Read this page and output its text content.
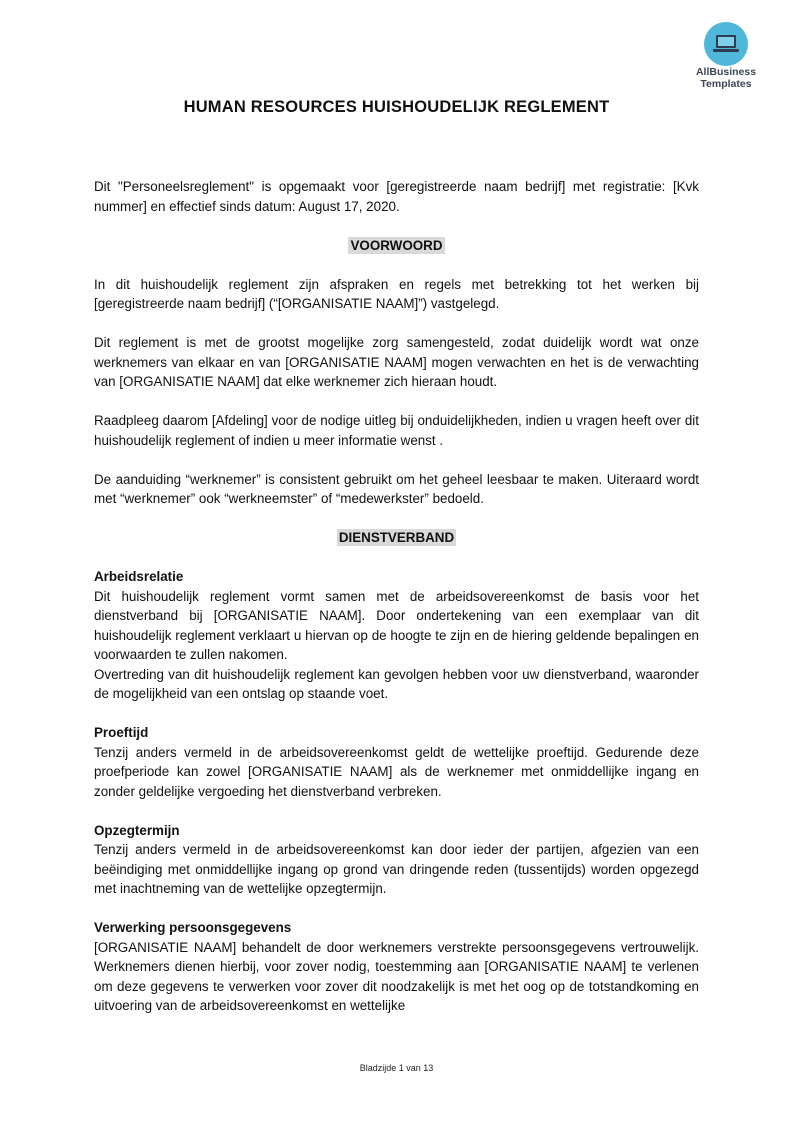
AllBusiness
Templates
HUMAN RESOURCES HUISHOUDELIJK REGLEMENT

Dit "Personeelsreglement" is opgemaakt voor [geregistreerde naam bedrijf] met registratie: [Kvk nummer] en effectief sinds datum: August 17, 2020.

VOORWOORD

In dit huishoudelijk reglement zijn afspraken en regels met betrekking tot het werken bij [geregistreerde naam bedrijf] (“[ORGANISATIE NAAM]”) vastgelegd.

Dit reglement is met de grootst mogelijke zorg samengesteld, zodat duidelijk wordt wat onze werknemers van elkaar en van [ORGANISATIE NAAM] mogen verwachten en het is de verwachting van [ORGANISATIE NAAM] dat elke werknemer zich hieraan houdt.

Raadpleeg daarom [Afdeling] voor de nodige uitleg bij onduidelijkheden, indien u vragen heeft over dit huishoudelijk reglement of indien u meer informatie wenst .

De aanduiding “werknemer” is consistent gebruikt om het geheel leesbaar te maken. Uiteraard wordt met “werknemer” ook “werkneemster” of “medewerkster” bedoeld.

DIENSTVERBAND

Arbeidsrelatie

Dit huishoudelijk reglement vormt samen met de arbeidsovereenkomst de basis voor het dienstverband bij [ORGANISATIE NAAM]. Door ondertekening van een exemplaar van dit huishoudelijk reglement verklaart u hiervan op de hoogte te zijn en de hiering geldende bepalingen en voorwaarden te zullen nakomen.

Overtreding van dit huishoudelijk reglement kan gevolgen hebben voor uw dienstverband, waaronder de mogelijkheid van een ontslag op staande voet.

Proeftijd

Tenzij anders vermeld in de arbeidsovereenkomst geldt de wettelijke proeftijd. Gedurende deze proefperiode kan zowel [ORGANISATIE NAAM] als de werknemer met onmiddellijke ingang en zonder geldelijke vergoeding het dienstverband verbreken.

Opzegtermijn

Tenzij anders vermeld in de arbeidsovereenkomst kan door ieder der partijen, afgezien van een beëindiging met onmiddellijke ingang op grond van dringende reden (tussentijds) worden opgezegd met inachtneming van de wettelijke opzegtermijn.

Verwerking persoonsgegevens

[ORGANISATIE NAAM] behandelt de door werknemers verstrekte persoonsgegevens vertrouwelijk. Werknemers dienen hierbij, voor zover nodig, toestemming aan [ORGANISATIE NAAM] te verlenen om deze gegevens te verwerken voor zover dit noodzakelijk is met het oog op de totstandkoming en uitvoering van de arbeidsovereenkomst en wettelijke

Bladzijde 1 van 13
